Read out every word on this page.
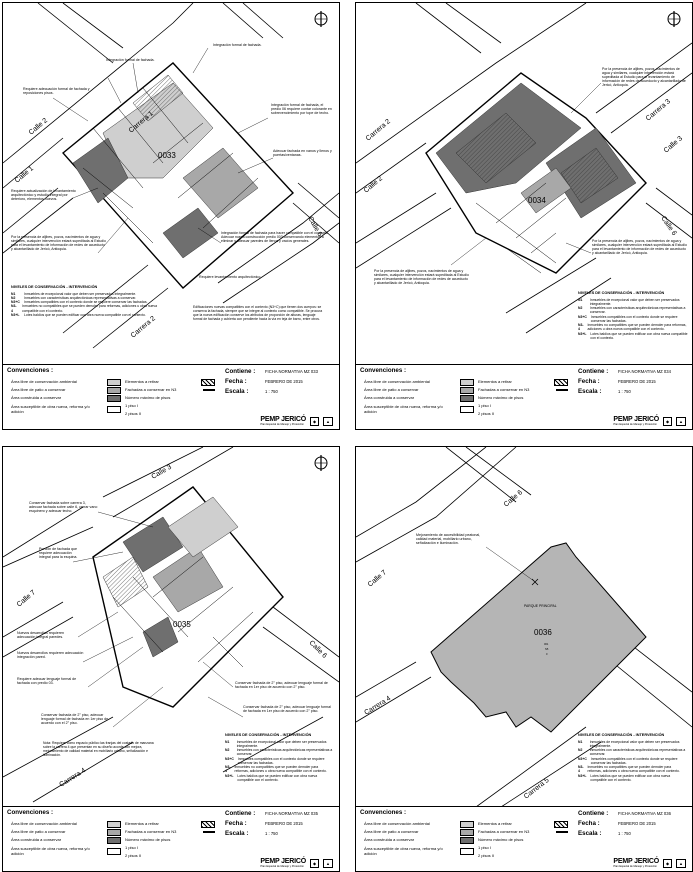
0033
Calle 1
Calle 2
Calle 6
Carrera 1
Carrera 2
Integración formal de fachada.
Integración formal de fachada.
Requiere adecuación formal de fachada y reposiciones pisos.
Integración formal de fachada, el predio 06 requiere contar colorante en sobrevencimiento por tope de techo.
Adecuar fachada en vanos y llenos y puertas/ventanas.
Requiere actualización de levantamiento arquitectónico y estudio integral por deterioro, elementos nuevos.
Por la presencia de aljibes, pozos, nacimientos de agua y similares, cualquier intervención estará supeditada al Estudio para el levantamiento de información de redes de acueducto y alcantarillado de Jericó, Antioquia.
Integración formal de fachada para hacer compatible con el contexto. Adecuar nueva construcción predio 003 conservando elementos a eliminar y adecuar paredes de llenos y vacíos generales.
Requiere levantamiento arquitectónico
Edificaciones nuevas compatibles con el contexto (N3+C) que tienen dos cuerpos: se conserva la fachada, siempre que se integre al contexto como compatible. Se procura que la nueva edificación conserve los atributos de proporción de alturas, lenguaje formal de fachada y cubierta con pendiente hacia la vía en teja de barro, entre otros.
NIVELES DE CONSERVACIÓN - INTERVENCIÓN
N1	Inmuebles de excepcional valor que deben ser preservados integralmente.
N2	Inmuebles con características arquitectónicas representativas a conservar.
N3+C Inmuebles compatibles con el contexto donde se requiere conservar las fachadas.
N3-4
Inmuebles no compatibles que se pueden demoler para reformas, adiciones u obra nueva compatible con el contexto.
N3+L Lotes baldíos que se pueden edificar con obra nueva compatible con el contexto.
Convenciones :
Área libre de conservación ambiental
Área libre de patio a conservar
Área construida a conservar
Área susceptible de obra nueva, reforma y/o adición
Elementos a retirar
Fachadas a conservar en N3
Número máximo de pisos
1 piso I
2 pisos II
Contiene : FICHA NORMATIVA MZ 033
Fecha :	FEBRERO DE 2015
Escala :	1 : 750
PEMP JERICÓ
Plan Especial de Manejo y Protección
◆	▲
0034
Calle 2
Calle 3
Calle 6
Carrera 2
Carrera 3
Por la presencia de aljibes, pozos, nacimientos de agua y similares, cualquier intervención estará supeditada al Estudio para el levantamiento de información de redes de acueducto y alcantarillado de Jericó, Antioquia.
Por la presencia de aljibes, pozos, nacimientos de agua y similares, cualquier intervención estará supeditada al Estudio para el levantamiento de información de redes de acueducto y alcantarillado de Jericó, Antioquia.
Por la presencia de aljibes, pozos, nacimientos de agua y similares, cualquier intervención estará supeditada al Estudio para el levantamiento de información de redes de acueducto y alcantarillado de Jericó, Antioquia.
NIVELES DE CONSERVACIÓN - INTERVENCIÓN
N1	Inmuebles de excepcional valor que deben ser preservados integralmente.
N2	Inmuebles con características arquitectónicas representativas a conservar.
N3+C Inmuebles compatibles con el contexto donde se requiere conservar las fachadas.
N3-4
Inmuebles no compatibles que se pueden demoler para reformas, adiciones u obra nueva compatible con el contexto.
N3+L Lotes baldíos que se pueden edificar con obra nueva compatible con el contexto.
Convenciones :
Área libre de conservación ambiental
Área libre de patio a conservar
Área construida a conservar
Área susceptible de obra nueva, reforma y/o adición
Elementos a retirar
Fachadas a conservar en N3
Número máximo de pisos
1 piso I
2 pisos II
Contiene : FICHA NORMATIVA MZ 034
Fecha :	FEBRERO DE 2015
Escala :	1 : 750
PEMP JERICÓ
Plan Especial de Manejo y Protección
◆	▲
0035
Calle 3
Calle 7
Calle 6
Carrera 4
Conservar fachada sobre carrera 3, adecuar fachada sobre calle 6, cerrar vano esquinero y adecuar techo.
Porción de fachada que requiere adecuación integral para la esquina.
Nuevos desarrollos requieren adecuación integral paredes.
Nuevos desarrollos requieren adecuación integración pared.
Requiere adecuar lenguaje formal de fachada con predio 03.
Conservar fachada de 2° piso, adecuar lenguaje formal de fachada en 1er piso de acuerdo con el 2° piso.
Conservar fachada de 2° piso, adecuar lenguaje formal de fachada en 1er piso de acuerdo con 2° piso.
Conservar fachada de 2° piso, adecuar lenguaje formal de fachada en 1er piso de acuerdo con 2° piso.
Nota: Requiere como espacio público las franjas del costado de manzana sobre la carrera 4 que presentan en su diseño acorde con mejora, mejoramiento de calidad material en mobiliario urbano, señalización e iluminación.
NIVELES DE CONSERVACIÓN - INTERVENCIÓN
N1	Inmuebles de excepcional valor que deben ser preservados integralmente.
N2	Inmuebles con características arquitectónicas representativas a conservar.
N3+C Inmuebles compatibles con el contexto donde se requiere conservar las fachadas.
N3-4
Inmuebles no compatibles que se pueden demoler para reformas, adiciones u obra nueva compatible con el contexto.
N3+L Lotes baldíos que se pueden edificar con obra nueva compatible con el contexto.
Convenciones :
Área libre de conservación ambiental
Área libre de patio a conservar
Área construida a conservar
Área susceptible de obra nueva, reforma y/o adición
Elementos a retirar
Fachadas a conservar en N3
Número máximo de pisos
1 piso I
2 pisos II
Contiene : FICHA NORMATIVA MZ 035
Fecha :	FEBRERO DE 2015
Escala :	1 : 750
PEMP JERICÓ
Plan Especial de Manejo y Protección
◆	▲
Mejoramiento de accesibilidad peatonal, calidad material, mobiliario urbano, señalización e iluminación.
PARQUE PRINCIPAL
0036
001
N5
0
Calle 6
Calle 7
Carrera 4
Carrera 5
NIVELES DE CONSERVACIÓN - INTERVENCIÓN
N1	Inmuebles de excepcional valor que deben ser preservados integralmente.
N2	Inmuebles con características arquitectónicas representativas a conservar.
N3+C Inmuebles compatibles con el contexto donde se requiere conservar las fachadas.
N3-4
Inmuebles no compatibles que se pueden demoler para reformas, adiciones u obra nueva compatible con el contexto.
N3+L Lotes baldíos que se pueden edificar con obra nueva compatible con el contexto.
Convenciones :
Área libre de conservación ambiental
Área libre de patio a conservar
Área construida a conservar
Área susceptible de obra nueva, reforma y/o adición
Elementos a retirar
Fachadas a conservar en N3
Número máximo de pisos
1 piso I
2 pisos II
Contiene : FICHA NORMATIVA MZ 036
Fecha :	FEBRERO DE 2015
Escala :	1 : 750
PEMP JERICÓ
Plan Especial de Manejo y Protección
◆	▲
